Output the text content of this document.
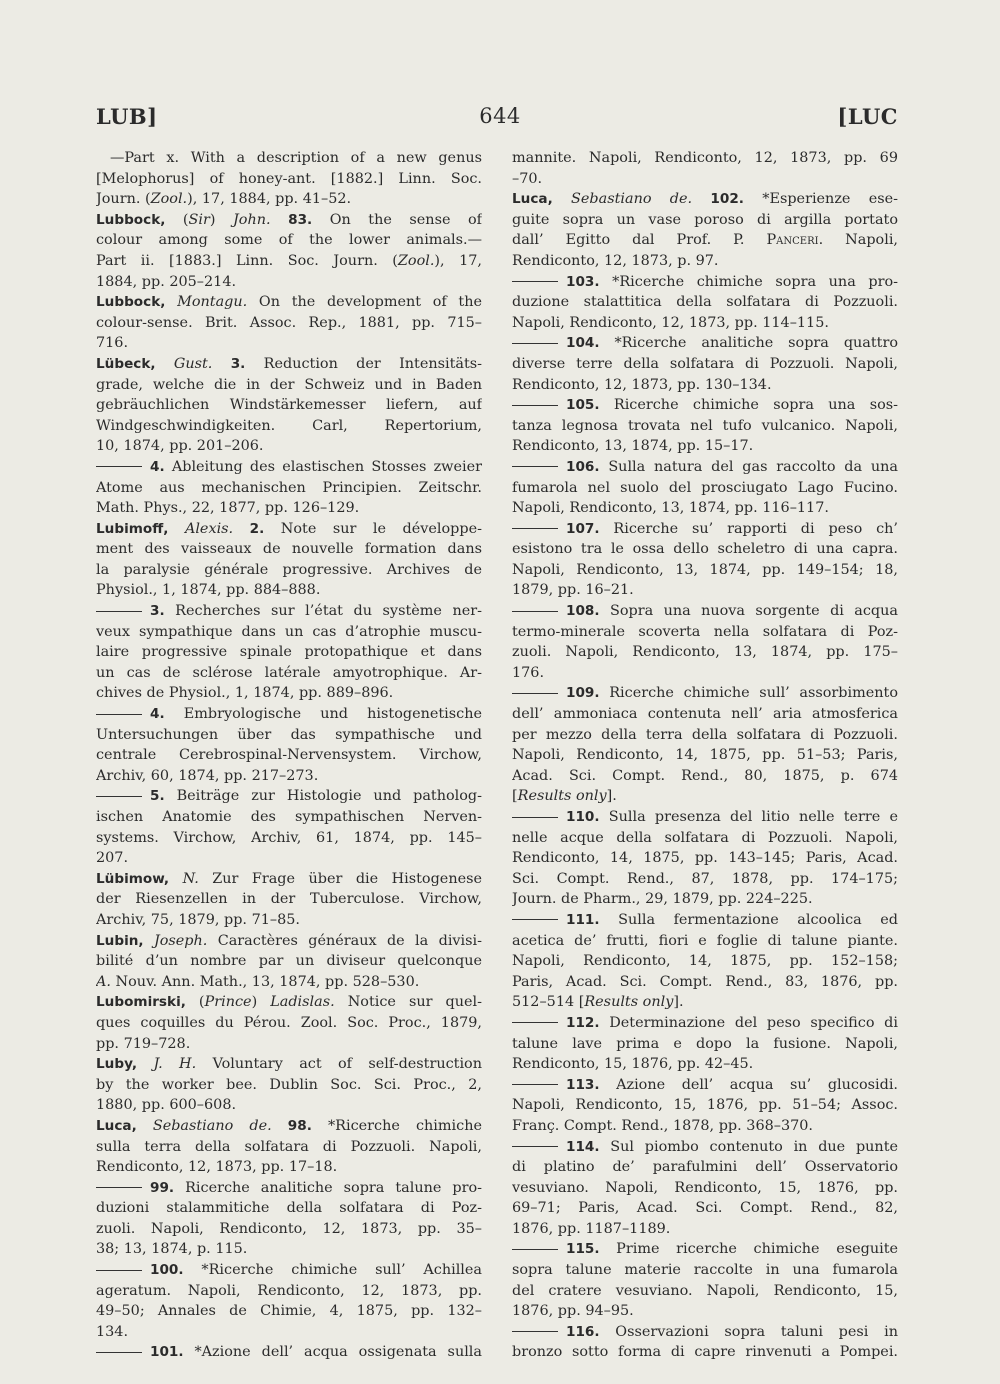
LUB]	644	[LUC
—Part x. With a description of a new genus
[Melophorus] of honey-ant. [1882.] Linn. Soc.
Journ. (Zool.), 17, 1884, pp. 41–52.
Lubbock, (Sir) John. 83. On the sense of
colour among some of the lower animals.—
Part ii. [1883.] Linn. Soc. Journ. (Zool.), 17,
1884, pp. 205–214.
Lubbock, Montagu. On the development of the
colour-sense. Brit. Assoc. Rep., 1881, pp. 715–
716.
Lübeck, Gust. 3. Reduction der Intensitäts-
grade, welche die in der Schweiz und in Baden
gebräuchlichen Windstärkemesser liefern, auf
Windgeschwindigkeiten. Carl, Repertorium,
10, 1874, pp. 201–206.
4. Ableitung des elastischen Stosses zweier
Atome aus mechanischen Principien. Zeitschr.
Math. Phys., 22, 1877, pp. 126–129.
Lubimoff, Alexis. 2. Note sur le développe-
ment des vaisseaux de nouvelle formation dans
la paralysie générale progressive. Archives de
Physiol., 1, 1874, pp. 884–888.
3. Recherches sur l’état du système ner-
veux sympathique dans un cas d’atrophie muscu-
laire progressive spinale protopathique et dans
un cas de sclérose latérale amyotrophique. Ar-
chives de Physiol., 1, 1874, pp. 889–896.
4. Embryologische und histogenetische
Untersuchungen über das sympathische und
centrale Cerebrospinal-Nervensystem. Virchow,
Archiv, 60, 1874, pp. 217–273.
5. Beiträge zur Histologie und patholog-
ischen Anatomie des sympathischen Nerven-
systems. Virchow, Archiv, 61, 1874, pp. 145–
207.
Lübimow, N. Zur Frage über die Histogenese
der Riesenzellen in der Tuberculose. Virchow,
Archiv, 75, 1879, pp. 71–85.
Lubin, Joseph. Caractères généraux de la divisi-
bilité d’un nombre par un diviseur quelconque
A. Nouv. Ann. Math., 13, 1874, pp. 528–530.
Lubomirski, (Prince) Ladislas. Notice sur quel-
ques coquilles du Pérou. Zool. Soc. Proc., 1879,
pp. 719–728.
Luby, J. H. Voluntary act of self-destruction
by the worker bee. Dublin Soc. Sci. Proc., 2,
1880, pp. 600–608.
Luca, Sebastiano de. 98. *Ricerche chimiche
sulla terra della solfatara di Pozzuoli. Napoli,
Rendiconto, 12, 1873, pp. 17–18.
99. Ricerche analitiche sopra talune pro-
duzioni stalammitiche della solfatara di Poz-
zuoli. Napoli, Rendiconto, 12, 1873, pp. 35–
38; 13, 1874, p. 115.
100. *Ricerche chimiche sull’ Achillea
ageratum. Napoli, Rendiconto, 12, 1873, pp.
49–50; Annales de Chimie, 4, 1875, pp. 132–
134.
101. *Azione dell’ acqua ossigenata sulla
mannite. Napoli, Rendiconto, 12, 1873, pp. 69
–70.
Luca, Sebastiano de. 102. *Esperienze ese-
guite sopra un vase poroso di argilla portato
dall’ Egitto dal Prof. P. Panceri. Napoli,
Rendiconto, 12, 1873, p. 97.
103. *Ricerche chimiche sopra una pro-
duzione stalattitica della solfatara di Pozzuoli.
Napoli, Rendiconto, 12, 1873, pp. 114–115.
104. *Ricerche analitiche sopra quattro
diverse terre della solfatara di Pozzuoli. Napoli,
Rendiconto, 12, 1873, pp. 130–134.
105. Ricerche chimiche sopra una sos-
tanza legnosa trovata nel tufo vulcanico. Napoli,
Rendiconto, 13, 1874, pp. 15–17.
106. Sulla natura del gas raccolto da una
fumarola nel suolo del prosciugato Lago Fucino.
Napoli, Rendiconto, 13, 1874, pp. 116–117.
107. Ricerche su’ rapporti di peso ch’
esistono tra le ossa dello scheletro di una capra.
Napoli, Rendiconto, 13, 1874, pp. 149–154; 18,
1879, pp. 16–21.
108. Sopra una nuova sorgente di acqua
termo-minerale scoverta nella solfatara di Poz-
zuoli. Napoli, Rendiconto, 13, 1874, pp. 175–
176.
109. Ricerche chimiche sull’ assorbimento
dell’ ammoniaca contenuta nell’ aria atmosferica
per mezzo della terra della solfatara di Pozzuoli.
Napoli, Rendiconto, 14, 1875, pp. 51–53; Paris,
Acad. Sci. Compt. Rend., 80, 1875, p. 674
[Results only].
110. Sulla presenza del litio nelle terre e
nelle acque della solfatara di Pozzuoli. Napoli,
Rendiconto, 14, 1875, pp. 143–145; Paris, Acad.
Sci. Compt. Rend., 87, 1878, pp. 174–175;
Journ. de Pharm., 29, 1879, pp. 224–225.
111. Sulla fermentazione alcoolica ed
acetica de’ frutti, fiori e foglie di talune piante.
Napoli, Rendiconto, 14, 1875, pp. 152–158;
Paris, Acad. Sci. Compt. Rend., 83, 1876, pp.
512–514 [Results only].
112. Determinazione del peso specifico di
talune lave prima e dopo la fusione. Napoli,
Rendiconto, 15, 1876, pp. 42–45.
113. Azione dell’ acqua su’ glucosidi.
Napoli, Rendiconto, 15, 1876, pp. 51–54; Assoc.
Franç. Compt. Rend., 1878, pp. 368–370.
114. Sul piombo contenuto in due punte
di platino de’ parafulmini dell’ Osservatorio
vesuviano. Napoli, Rendiconto, 15, 1876, pp.
69–71; Paris, Acad. Sci. Compt. Rend., 82,
1876, pp. 1187–1189.
115. Prime ricerche chimiche eseguite
sopra talune materie raccolte in una fumarola
del cratere vesuviano. Napoli, Rendiconto, 15,
1876, pp. 94–95.
116. Osservazioni sopra taluni pesi in
bronzo sotto forma di capre rinvenuti a Pompei.
